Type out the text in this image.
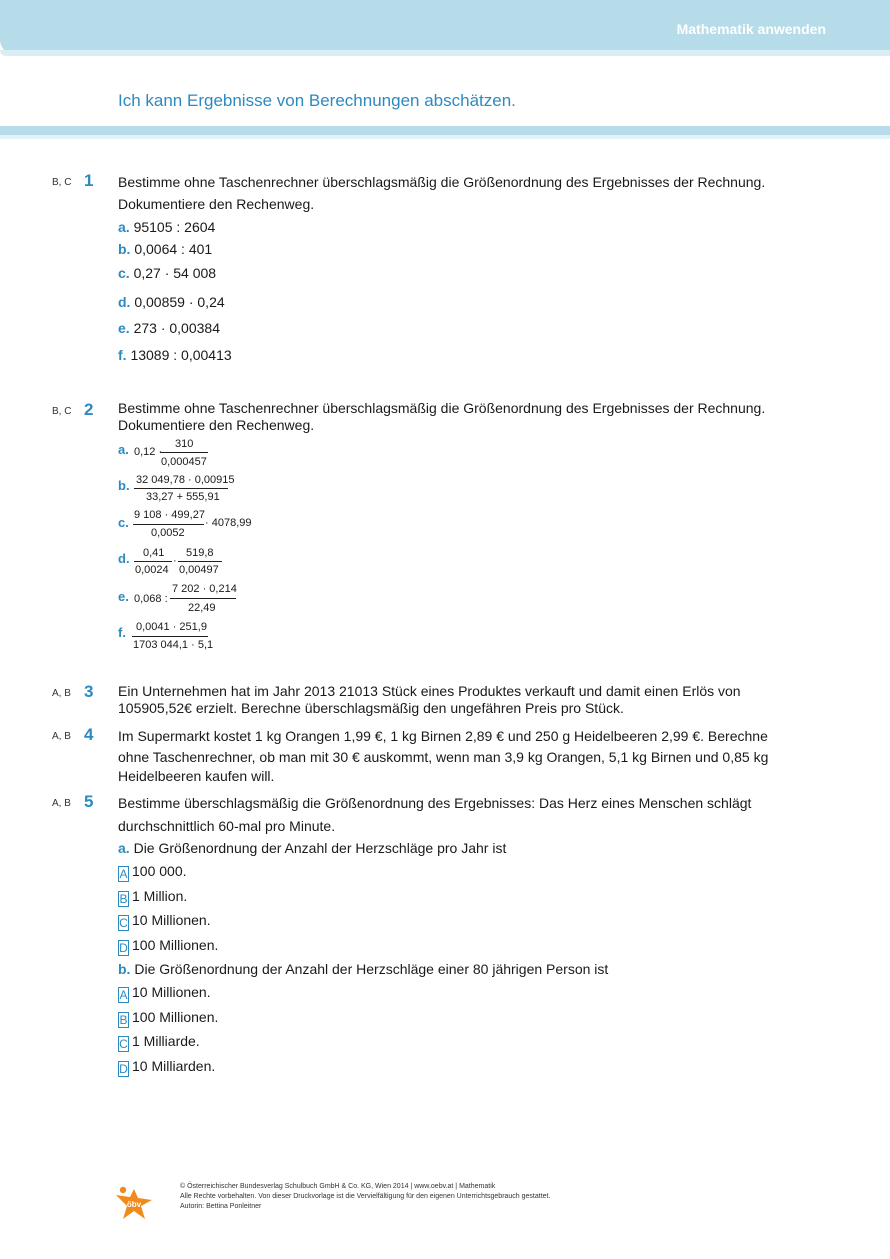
Mathematik anwenden
Ich kann Ergebnisse von Berechnungen abschätzen.
B, C 1 Bestimme ohne Taschenrechner überschlagsmäßig die Größenordnung des Ergebnisses der Rechnung.
Dokumentiere den Rechenweg.
a. 95105 : 2604
b. 0,0064 : 401
c. 0,27 · 54 008
d. 0,00859 · 0,24
e. 273 · 0,00384
f. 13089 : 0,00413
B, C 2 Bestimme ohne Taschenrechner überschlagsmäßig die Größenordnung des Ergebnisses der Rechnung.
Dokumentiere den Rechenweg.
a. 0,12 ·
310
0,000457
b. 32 049,78 · 0,00915
33,27 + 555,91
c. 9 108 · 499,27
0,0052
· 4078,99
d. 0,41
0,0024
·
519,8
0,00497
e. 0,068 :
7 202 · 0,214
22,49
f. 0,0041 · 251,9
1703 044,1 · 5,1
A, B 3 Ein Unternehmen hat im Jahr 2013 21013 Stück eines Produktes verkauft und damit einen Erlös von
105905,52€ erzielt. Berechne überschlagsmäßig den ungefähren Preis pro Stück.
A, B 4 Im Supermarkt kostet 1 kg Orangen 1,99 €, 1 kg Birnen 2,89 € und 250 g Heidelbeeren 2,99 €. Berechne
ohne Taschenrechner, ob man mit 30 € auskommt, wenn man 3,9 kg Orangen, 5,1 kg Birnen und 0,85 kg
Heidelbeeren kaufen will.
A, B 5 Bestimme überschlagsmäßig die Größenordnung des Ergebnisses: Das Herz eines Menschen schlägt
durchschnittlich 60-mal pro Minute.
a. Die Größenordnung der Anzahl der Herzschläge pro Jahr ist
A 100 000.
B 1 Million.
C 10 Millionen.
D 100 Millionen.
b. Die Größenordnung der Anzahl der Herzschläge einer 80 jährigen Person ist
A 10 Millionen.
B 100 Millionen.
C 1 Milliarde.
D 10 Milliarden.
öbv
© Österreichischer Bundesverlag Schulbuch GmbH & Co. KG, Wien 2014 | www.oebv.at | Mathematik
Alle Rechte vorbehalten. Von dieser Druckvorlage ist die Vervielfältigung für den eigenen Unterrichtsgebrauch gestattet.
Autorin: Bettina Ponleitner
